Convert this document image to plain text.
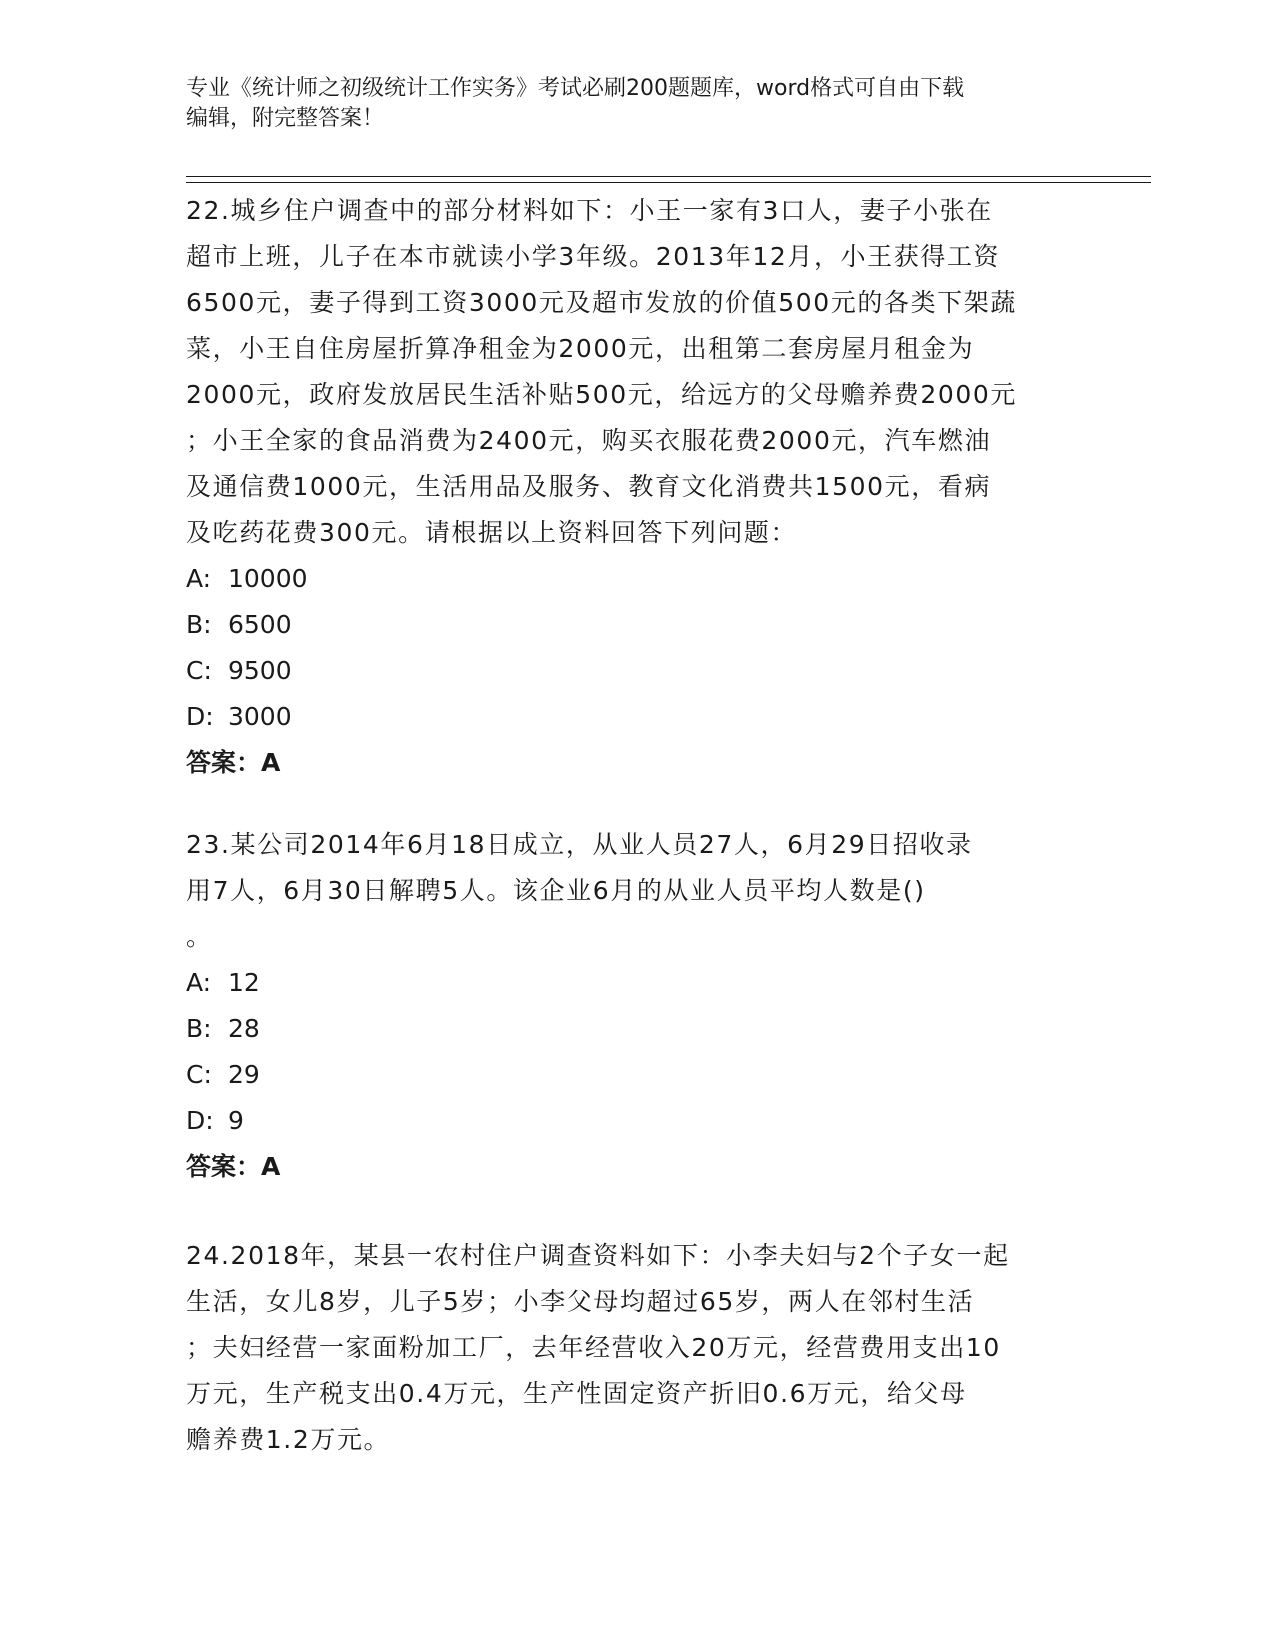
专业《统计师之初级统计工作实务》考试必刷200题题库，word格式可自由下载
编辑，附完整答案！
22.城乡住户调查中的部分材料如下：小王一家有3口人，妻子小张在
超市上班，儿子在本市就读小学3年级。2013年12月，小王获得工资
6500元，妻子得到工资3000元及超市发放的价值500元的各类下架蔬
菜，小王自住房屋折算净租金为2000元，出租第二套房屋月租金为
2000元，政府发放居民生活补贴500元，给远方的父母赡养费2000元
；小王全家的食品消费为2400元，购买衣服花费2000元，汽车燃油
及通信费1000元，生活用品及服务、教育文化消费共1500元，看病
及吃药花费300元。请根据以上资料回答下列问题：
A: 10000
B: 6500
C: 9500
D: 3000
答案：A
23.某公司2014年6月18日成立，从业人员27人，6月29日招收录
用7人，6月30日解聘5人。该企业6月的从业人员平均人数是()
。
A: 12
B: 28
C: 29
D: 9
答案：A
24.2018年，某县一农村住户调查资料如下：小李夫妇与2个子女一起
生活，女儿8岁，儿子5岁；小李父母均超过65岁，两人在邻村生活
；夫妇经营一家面粉加工厂，去年经营收入20万元，经营费用支出10
万元，生产税支出0.4万元，生产性固定资产折旧0.6万元，给父母
赡养费1.2万元。
